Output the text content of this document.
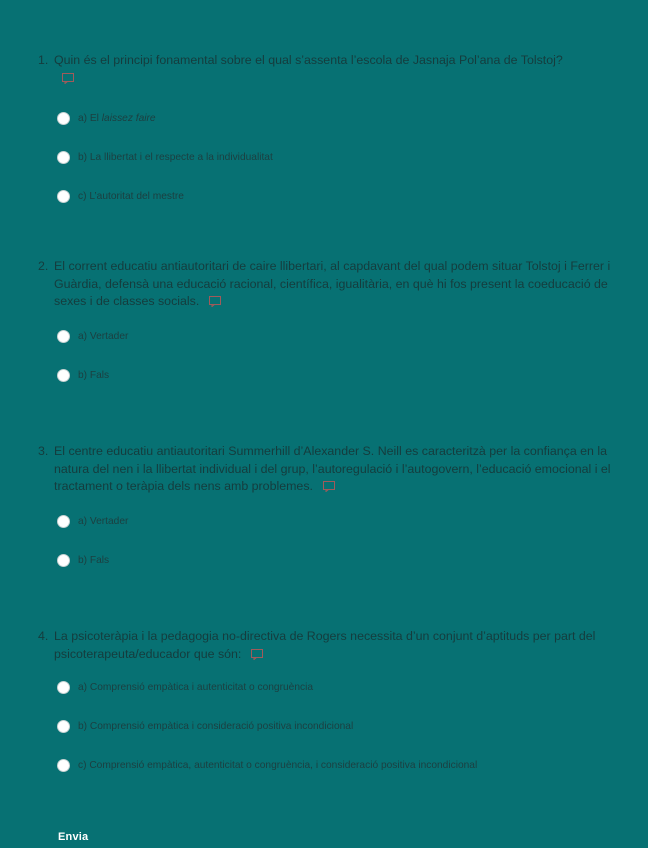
1. Quin és el principi fonamental sobre el qual s’assenta l’escola de Jasnaja Pol’ana de Tolstoj?

a) El laissez faire
b) La llibertat i el respecte a la individualitat
c) L’autoritat del mestre
2. El corrent educatiu antiautoritari de caire llibertari, al capdavant del qual podem situar Tolstoj i Ferrer i Guàrdia, defensà una educació racional, científica, igualitària, en què hi fos present la coeducació de sexes i de classes socials.
a) Vertader
b) Fals
3. El centre educatiu antiautoritari Summerhill d’Alexander S. Neill es caracteritzà per la confiança en la natura del nen i la llibertat individual i del grup, l’autoregulació i l’autogovern, l’educació emocional i el tractament o teràpia dels nens amb problemes.
a) Vertader
b) Fals
4. La psicoteràpia i la pedagogia no-directiva de Rogers necessita d’un conjunt d’aptituds per part del psicoterapeuta/educador que són:
a) Comprensió empàtica i autenticitat o congruència
b) Comprensió empàtica i consideració positiva incondicional
c) Comprensió empàtica, autenticitat o congruència, i consideració positiva incondicional
Envia
